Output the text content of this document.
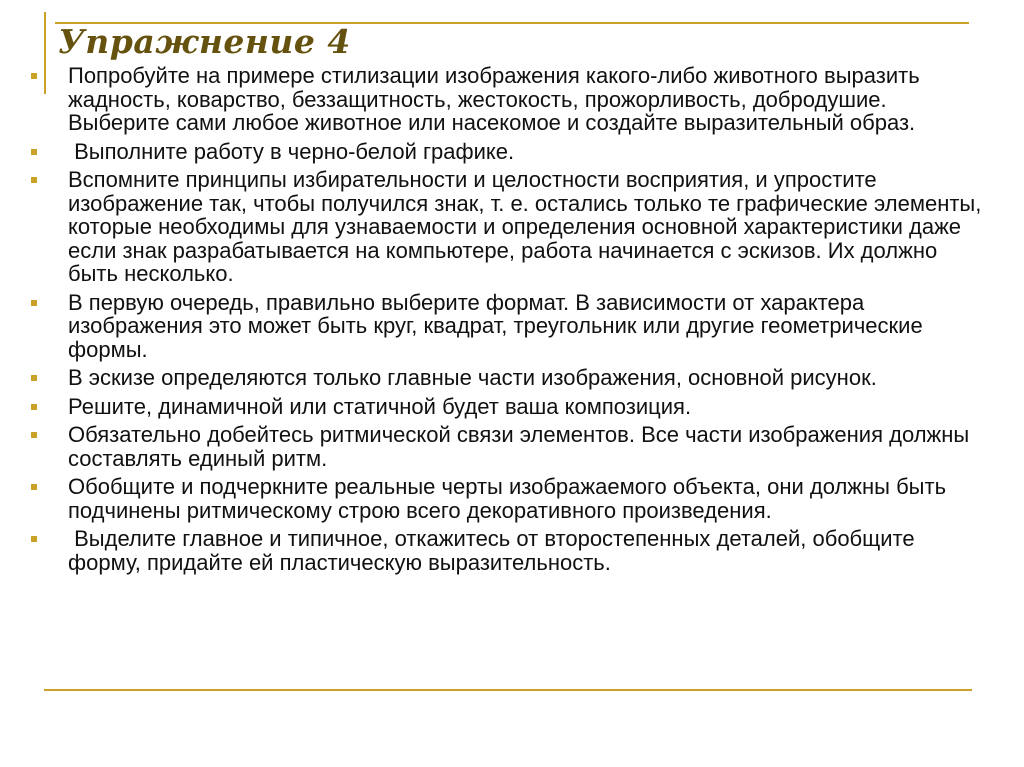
Упражнение 4
Попробуйте на примере стилизации изображения какого-либо животного выразить жадность, коварство, беззащитность, жестокость, прожорливость, добродушие. Выберите сами любое животное или насекомое и создайте выразительный образ.
Выполните работу в черно-белой графике.
Вспомните принципы избирательности и целостности восприятия, и упростите изображение так, чтобы получился знак, т. е. остались только те графические элементы, которые необходимы для узнаваемости и определения основной характеристики даже если знак разрабатывается на компьютере, работа начинается с эскизов. Их должно быть несколько.
В первую очередь, правильно выберите формат. В зависимости от характера изображения это может быть круг, квадрат, треугольник или другие геометрические формы.
В эскизе определяются только главные части изображения, основной рисунок.
Решите, динамичной или статичной будет ваша композиция.
Обязательно добейтесь ритмической связи элементов. Все части изображения должны составлять единый ритм.
Обобщите и подчеркните реальные черты изображаемого объекта, они должны быть подчинены ритмическому строю всего декоративного произведения.
Выделите главное и типичное, откажитесь от второстепенных деталей, обобщите форму, придайте ей пластическую выразительность.
